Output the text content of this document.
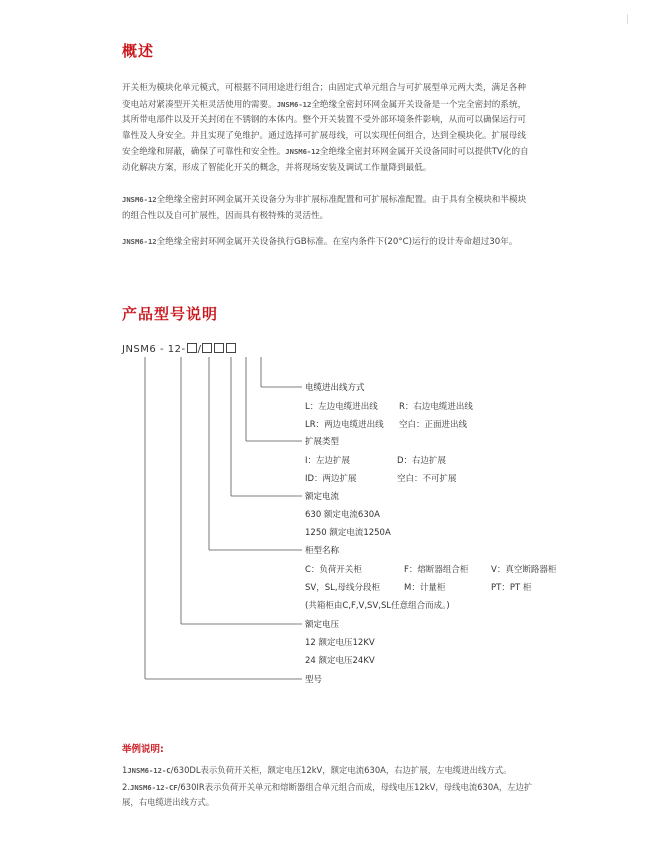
概述
开关柜为模块化单元模式，可根据不同用途进行组合；由固定式单元组合与可扩展型单元两大类，满足各种变电站对紧凑型开关柜灵活使用的需要。JNSM6-12全绝缘全密封环网金属开关设备是一个完全密封的系统，其所带电部件以及开关封闭在不锈钢的本体内。整个开关装置不受外部环境条件影响，从而可以确保运行可靠性及人身安全。并且实现了免维护。通过选择可扩展母线，可以实现任何组合，达到全模块化。扩展母线安全绝缘和屏蔽，确保了可靠性和安全性。JNSM6-12全绝缘全密封环网金属开关设备同时可以提供TV化的自动化解决方案，形成了智能化开关的概念，并将现场安装及调试工作量降到最低。
JNSM6-12全绝缘全密封环网金属开关设备分为非扩展标准配置和可扩展标准配置。由于具有全模块和半模块的组合性以及自可扩展性，因而具有极特殊的灵活性。
JNSM6-12全绝缘全密封环网金属开关设备执行GB标准。在室内条件下(20°C)运行的设计寿命超过30年。
产品型号说明
JNSM6 - 12- /
电缆进出线方式
L：左边电缆进出线	R：右边电缆进出线
LR：两边电缆进出线 空白：正面进出线
扩展类型
I：左边扩展	D：右边扩展
ID：两边扩展	空白：不可扩展
额定电流
630 额定电流630A
1250 额定电流1250A
柜型名称
C：负荷开关柜	F：熔断器组合柜	V：真空断路器柜
SV，SL,母线分段柜	M：计量柜	PT：PT 柜
(共箱柜由C,F,V,SV,SL任意组合而成。)
额定电压
12 额定电压12KV
24 额定电压24KV
型号
举例说明:
1JNSM6-12-C/630DL表示负荷开关柜，额定电压12kV，额定电流630A，右边扩展，左电缆进出线方式。
2.JNSM6-12-CF/630IR表示负荷开关单元和熔断器组合单元组合而成，母线电压12kV，母线电流630A，左边扩展，右电缆进出线方式。
